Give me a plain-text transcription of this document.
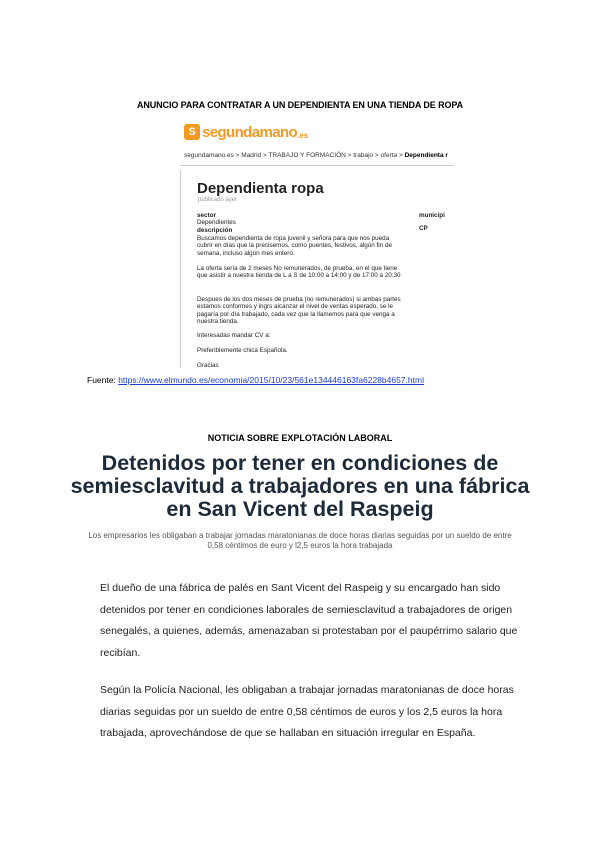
ANUNCIO PARA CONTRATAR A UN DEPENDIENTA EN UNA TIENDA DE ROPA
S segunda mano .es
segundamano.es > Madrid > TRABAJO Y FORMACIÓN > trabajo > oferta > Dependienta r
Dependienta ropa
publicado ayer
sector
Dependientes
municipi
CP
descripción
Buscamos dependienta de ropa juvenil y señora para que nos pueda cubrir en días que la precisemos, como puentes, festivos, algún fin de semana, incluso algún mes entero.
La oferta sería de 2 meses No remunerados, de prueba, en el que tiene que asistir a nuestra tienda de L a S de 10:00 a 14:00 y de 17:00 a 20:30
Despues de los dos meses de prueba (no remunerados) si ambas partes estamos conformes y ingrs alcanzar el nivel de ventas esperado, se le pagaría por día trabajado, cada vez que la llamemos para que venga a nuestra tienda.
Interesadas mandar CV a:
Preferiblemente chica Española.
Gracias
Fuente: https://www.elmundo.es/economia/2015/10/23/561e134446163fa6228b4657.html
NOTICIA SOBRE EXPLOTACIÓN LABORAL
Detenidos por tener en condiciones de semiesclavitud a trabajadores en una fábrica en San Vicent del Raspeig
Los empresarios les obligaban a trabajar jornadas maratonianas de doce horas diarias seguidas por un sueldo de entre 0,58 céntimos de euro y l2,5 euros la hora trabajada
El dueño de una fábrica de palés en Sant Vicent del Raspeig y su encargado han sido detenidos por tener en condiciones laborales de semiesclavitud a trabajadores de origen senegalés, a quienes, además, amenazaban si protestaban por el paupérrimo salario que recibían.
Según la Policía Nacional, les obligaban a trabajar jornadas maratonianas de doce horas diarias seguidas por un sueldo de entre 0,58 céntimos de euros y los 2,5 euros la hora trabajada, aprovechándose de que se hallaban en situación irregular en España.
